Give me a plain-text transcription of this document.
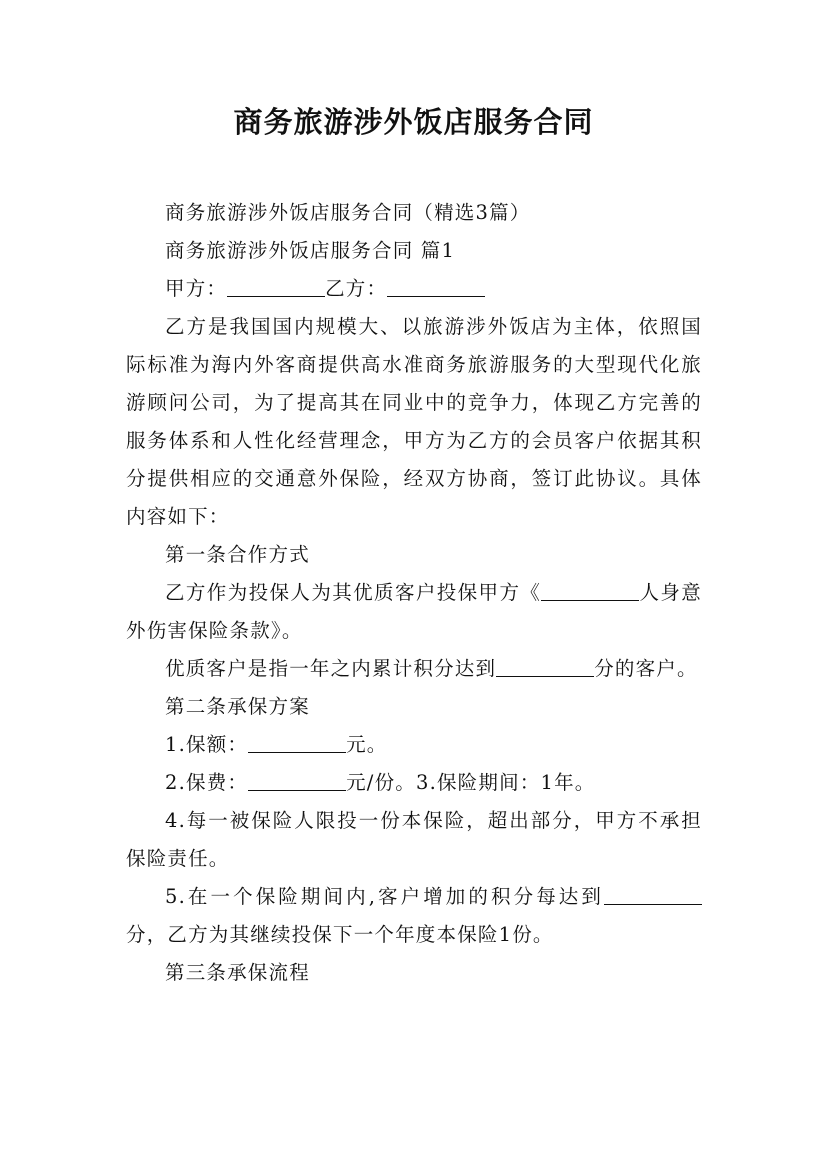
商务旅游涉外饭店服务合同

商务旅游涉外饭店服务合同（精选3篇）

商务旅游涉外饭店服务合同 篇1

甲方：	乙方：

乙方是我国国内规模大、以旅游涉外饭店为主体，依照国际标准为海内外客商提供高水准商务旅游服务的大型现代化旅游顾问公司，为了提高其在同业中的竞争力，体现乙方完善的服务体系和人性化经营理念，甲方为乙方的会员客户依据其积分提供相应的交通意外保险，经双方协商，签订此协议。具体内容如下：

第一条合作方式

乙方作为投保人为其优质客户投保甲方《	人身意外伤害保险条款》。

优质客户是指一年之内累计积分达到	分的客户。

第二条承保方案

1.保额：	元。

2.保费：	元/份。3.保险期间：1年。

4.每一被保险人限投一份本保险，超出部分，甲方不承担保险责任。

5.在一个保险期间内,客户增加的积分每达到分，乙方为其继续投保下一个年度本保险1份。

第三条承保流程
